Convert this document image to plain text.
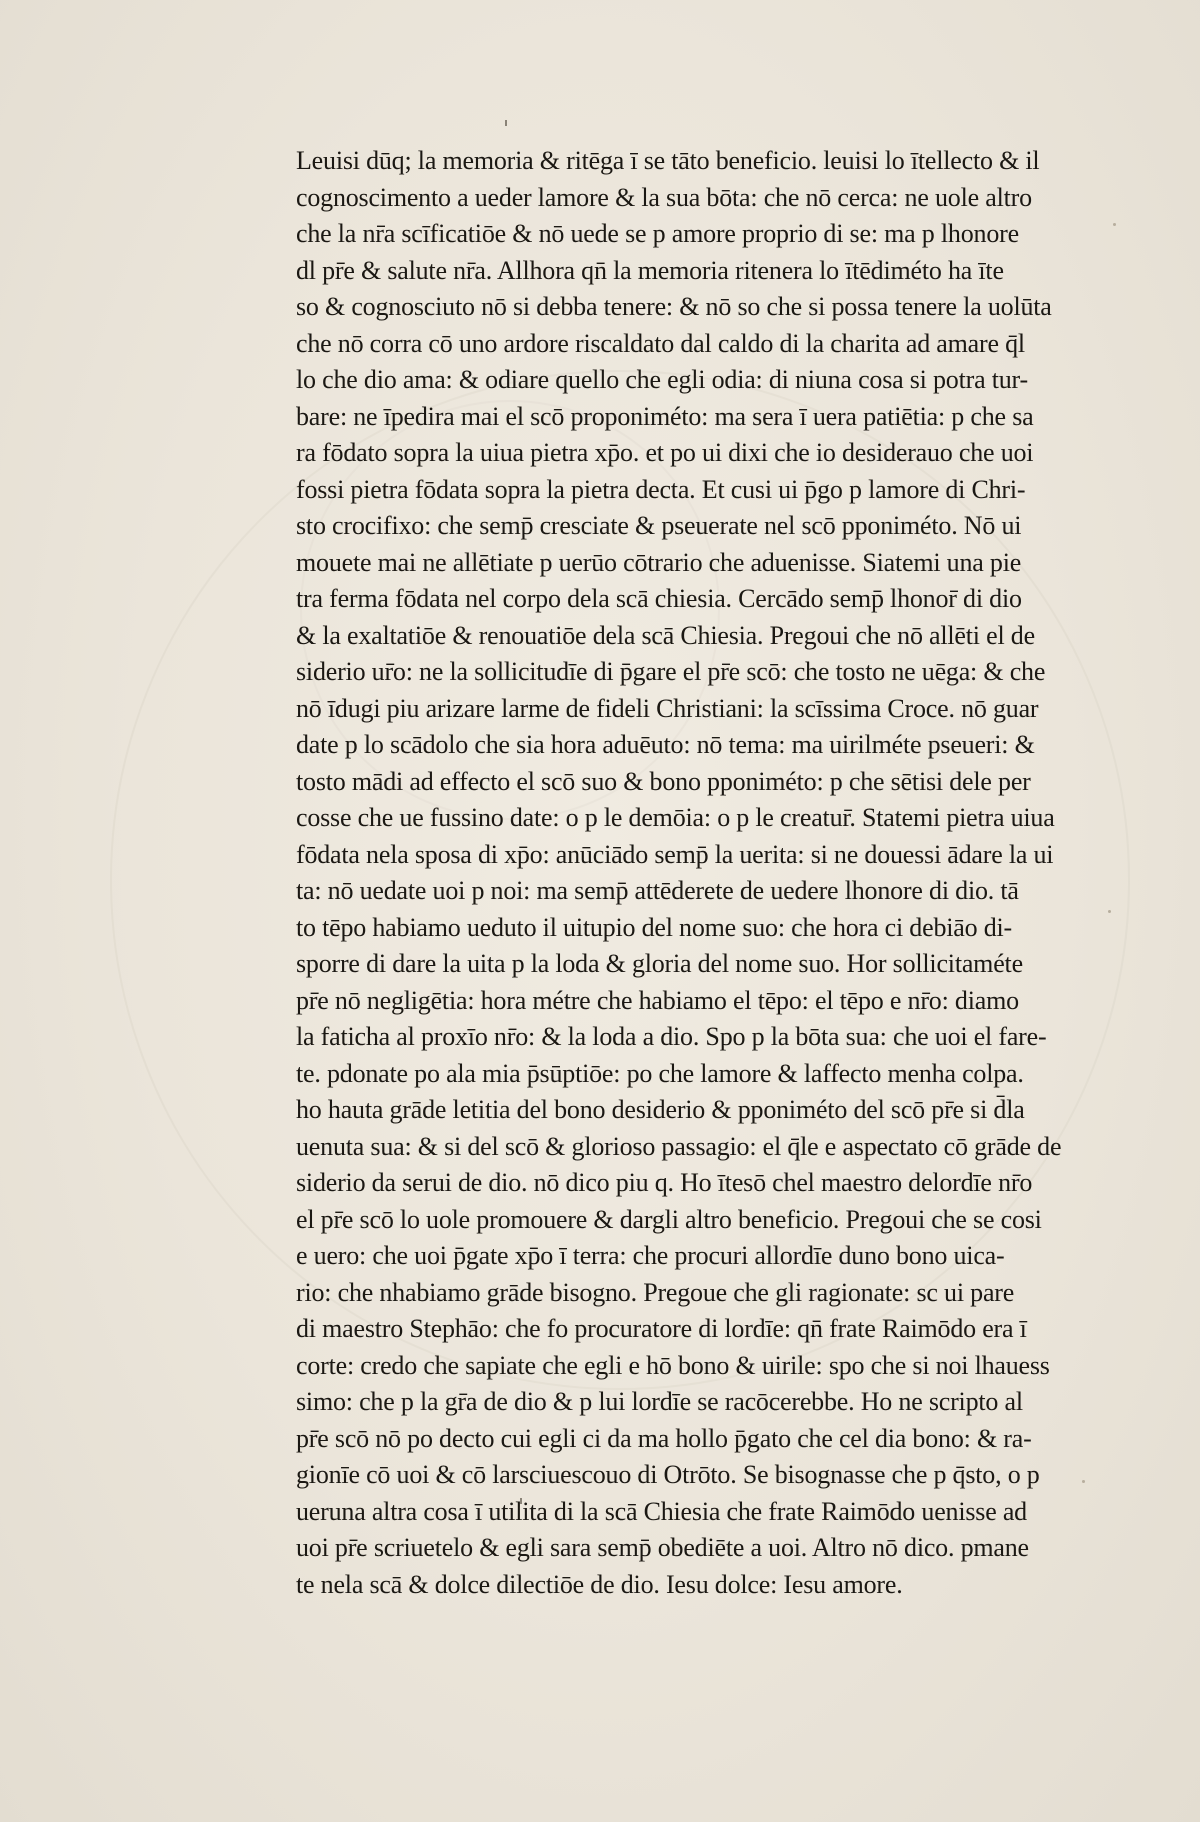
Leuisi dūq; la memoria & ritēga ī se tāto beneficio. leuisi lo ītellecto & il
cognoscimento a ueder lamore & la sua bōta: che nō cerca: ne uole altro
che la nr̄a scīficatiōe & nō uede se p amore proprio di se: ma p lhonore
dl pr̄e & salute nr̄a. Allhora qn̄ la memoria ritenera lo ītēdiméto ha īte
so & cognosciuto nō si debba tenere: & nō so che si possa tenere la uolūta
che nō corra cō uno ardore riscaldato dal caldo di la charita ad amare q̄l
lo che dio ama: & odiare quello che egli odia: di niuna cosa si potra tur-
bare: ne īpedira mai el scō proponiméto: ma sera ī uera patiētia: p che sa
ra fōdato sopra la uiua pietra xp̄o. et po ui dixi che io desiderauo che uoi
fossi pietra fōdata sopra la pietra decta. Et cusi ui p̄go p lamore di Chri-
sto crocifixo: che semp̄ cresciate & pseuerate nel scō pponiméto. Nō ui
mouete mai ne allētiate p uerūo cōtrario che aduenisse. Siatemi una pie
tra ferma fōdata nel corpo dela scā chiesia. Cercādo semp̄ lhonor̄ di dio
& la exaltatiōe & renouatiōe dela scā Chiesia. Pregoui che nō allēti el de
siderio ur̄o: ne la sollicitudīe di p̄gare el pr̄e scō: che tosto ne uēga: & che
nō īdugi piu arizare larme de fideli Christiani: la scīssima Croce. nō guar
date p lo scādolo che sia hora aduēuto: nō tema: ma uirilméte pseueri: &
tosto mādi ad effecto el scō suo & bono pponiméto: p che sētisi dele per
cosse che ue fussino date: o p le demōia: o p le creatur̄. Statemi pietra uiua
fōdata nela sposa di xp̄o: anūciādo semp̄ la uerita: si ne douessi ādare la ui
ta: nō uedate uoi p noi: ma semp̄ attēderete de uedere lhonore di dio. tā
to tēpo habiamo ueduto il uitupio del nome suo: che hora ci debiāo di-
sporre di dare la uita p la loda & gloria del nome suo. Hor sollicitaméte
pr̄e nō negligētia: hora métre che habiamo el tēpo: el tēpo e nr̄o: diamo
la faticha al proxīo nr̄o: & la loda a dio. Spo p la bōta sua: che uoi el fare-
te. pdonate po ala mia p̄sūptiōe: po che lamore & laffecto menha colpa.
ho hauta grāde letitia del bono desiderio & pponiméto del scō pr̄e si d̄la
uenuta sua: & si del scō & glorioso passagio: el q̄le e aspectato cō grāde de
siderio da serui de dio. nō dico piu q. Ho ītesō chel maestro delordīe nr̄o
el pr̄e scō lo uole promouere & dargli altro beneficio. Pregoui che se cosi
e uero: che uoi p̄gate xp̄o ī terra: che procuri allordīe duno bono uica-
rio: che nhabiamo grāde bisogno. Pregoue che gli ragionate: sc ui pare
di maestro Stephāo: che fo procuratore di lordīe: qn̄ frate Raimōdo era ī
corte: credo che sapiate che egli e hō bono & uirile: spo che si noi lhauess
simo: che p la gr̄a de dio & p lui lordīe se racōcerebbe. Ho ne scripto al
pr̄e scō nō po decto cui egli ci da ma hollo p̄gato che cel dia bono: & ra-
gionīe cō uoi & cō larsciuescouo di Otrōto. Se bisognasse che p q̄sto, o p
ueruna altra cosa ī utilita di la scā Chiesia che frate Raimōdo uenisse ad
uoi pr̄e scriuetelo & egli sara semp̄ obediēte a uoi. Altro nō dico. pmane
te nela scā & dolce dilectiōe de dio. Iesu dolce: Iesu amore.
